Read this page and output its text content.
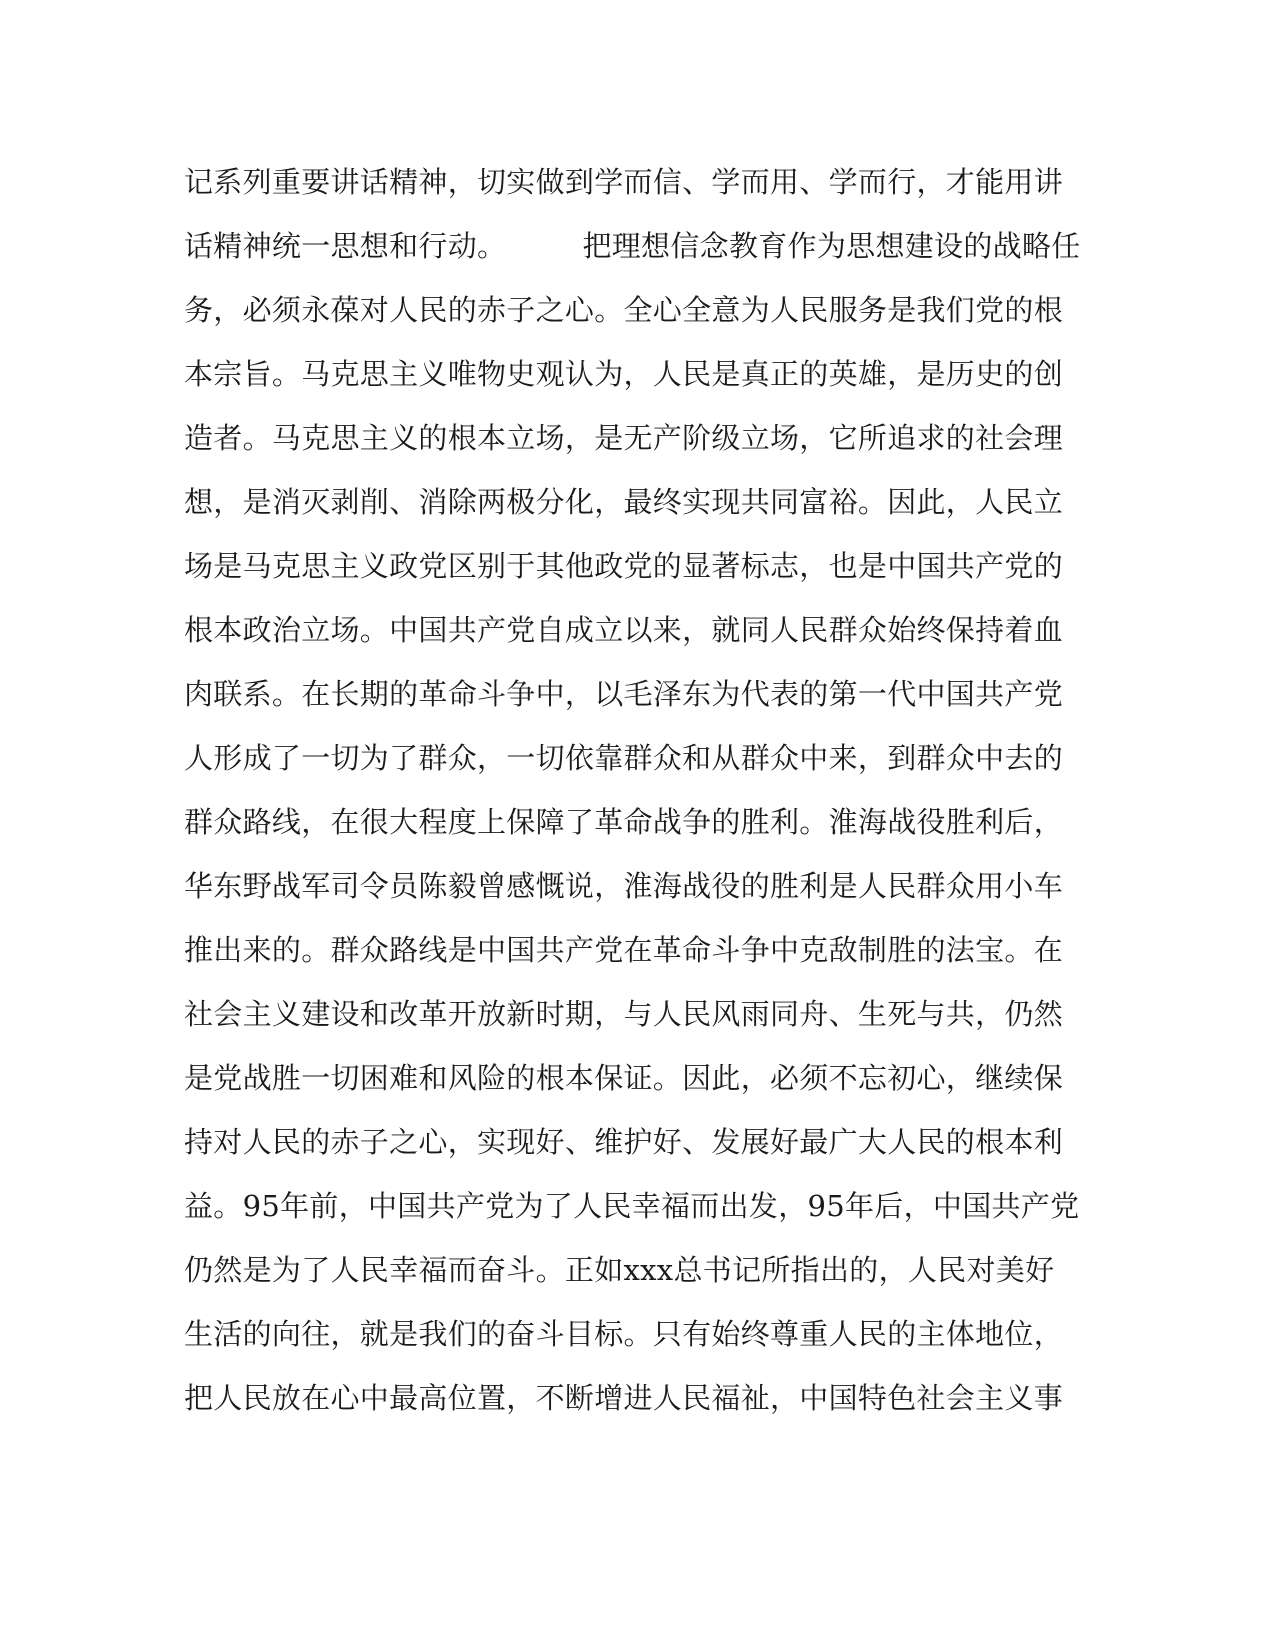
记系列重要讲话精神，切实做到学而信、学而用、学而行，才能用讲
话精神统一思想和行动。        把理想信念教育作为思想建设的战略任
务，必须永葆对人民的赤子之心。全心全意为人民服务是我们党的根
本宗旨。马克思主义唯物史观认为，人民是真正的英雄，是历史的创
造者。马克思主义的根本立场，是无产阶级立场，它所追求的社会理
想，是消灭剥削、消除两极分化，最终实现共同富裕。因此，人民立
场是马克思主义政党区别于其他政党的显著标志，也是中国共产党的
根本政治立场。中国共产党自成立以来，就同人民群众始终保持着血
肉联系。在长期的革命斗争中，以毛泽东为代表的第一代中国共产党
人形成了一切为了群众，一切依靠群众和从群众中来，到群众中去的
群众路线，在很大程度上保障了革命战争的胜利。淮海战役胜利后，
华东野战军司令员陈毅曾感慨说，淮海战役的胜利是人民群众用小车
推出来的。群众路线是中国共产党在革命斗争中克敌制胜的法宝。在
社会主义建设和改革开放新时期，与人民风雨同舟、生死与共，仍然
是党战胜一切困难和风险的根本保证。因此，必须不忘初心，继续保
持对人民的赤子之心，实现好、维护好、发展好最广大人民的根本利
益。95年前，中国共产党为了人民幸福而出发，95年后，中国共产党
仍然是为了人民幸福而奋斗。正如xxx总书记所指出的，人民对美好
生活的向往，就是我们的奋斗目标。只有始终尊重人民的主体地位，
把人民放在心中最高位置，不断增进人民福祉，中国特色社会主义事
